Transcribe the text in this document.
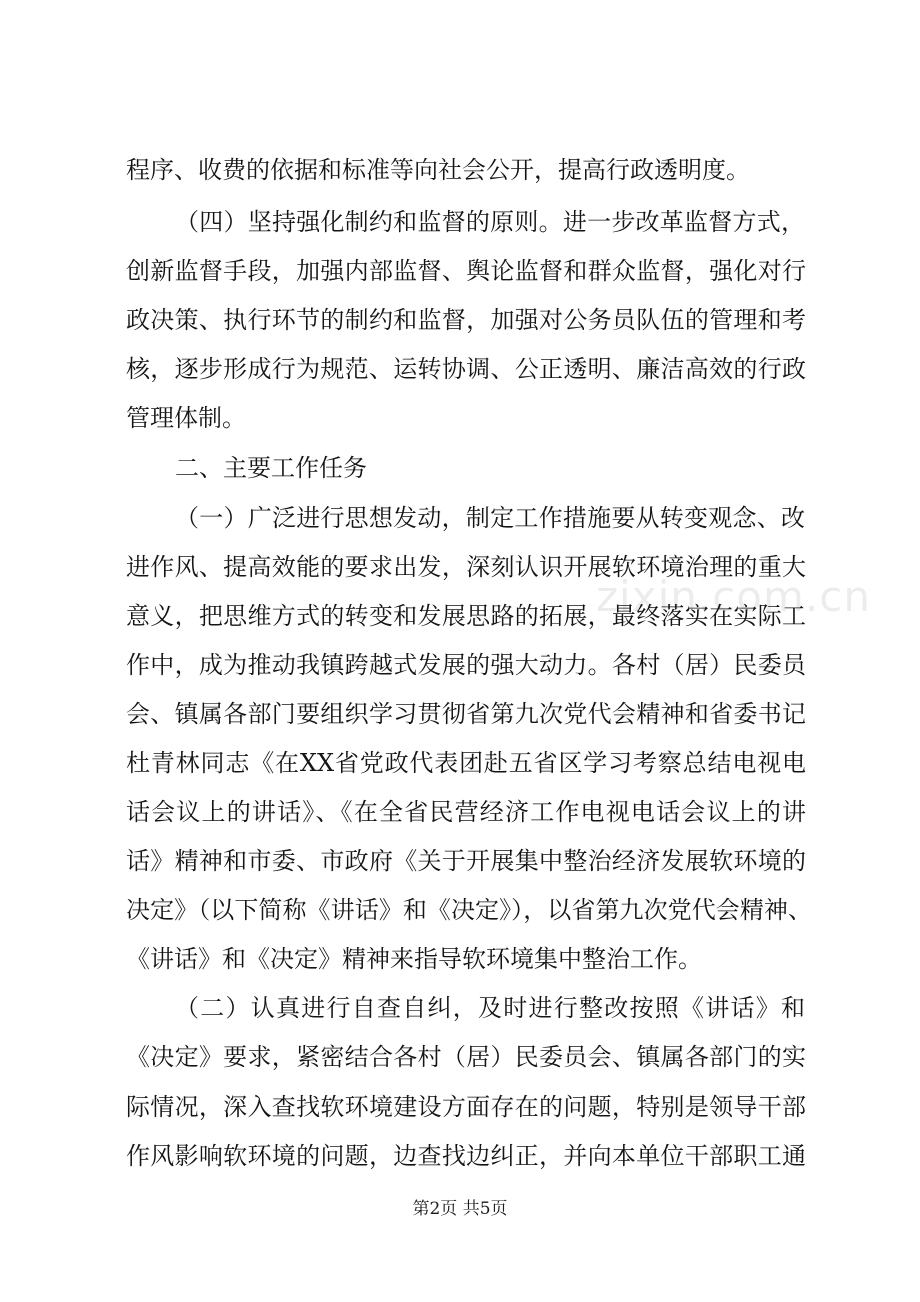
zixin.com.cn
程序、收费的依据和标准等向社会公开，提高行政透明度。
（四）坚持强化制约和监督的原则。进一步改革监督方式，
创新监督手段，加强内部监督、舆论监督和群众监督，强化对行
政决策、执行环节的制约和监督，加强对公务员队伍的管理和考
核，逐步形成行为规范、运转协调、公正透明、廉洁高效的行政
管理体制。
二、主要工作任务
（一）广泛进行思想发动，制定工作措施要从转变观念、改
进作风、提高效能的要求出发，深刻认识开展软环境治理的重大
意义，把思维方式的转变和发展思路的拓展，最终落实在实际工
作中，成为推动我镇跨越式发展的强大动力。各村（居）民委员
会、镇属各部门要组织学习贯彻省第九次党代会精神和省委书记
杜青林同志《在XX省党政代表团赴五省区学习考察总结电视电
话会议上的讲话》、《在全省民营经济工作电视电话会议上的讲
话》精神和市委、市政府《关于开展集中整治经济发展软环境的
决定》（以下简称《讲话》和《决定》），以省第九次党代会精神、
《讲话》和《决定》精神来指导软环境集中整治工作。
（二）认真进行自查自纠，及时进行整改按照《讲话》和
《决定》要求，紧密结合各村（居）民委员会、镇属各部门的实
际情况，深入查找软环境建设方面存在的问题，特别是领导干部
作风影响软环境的问题，边查找边纠正，并向本单位干部职工通
第2页 共5页
